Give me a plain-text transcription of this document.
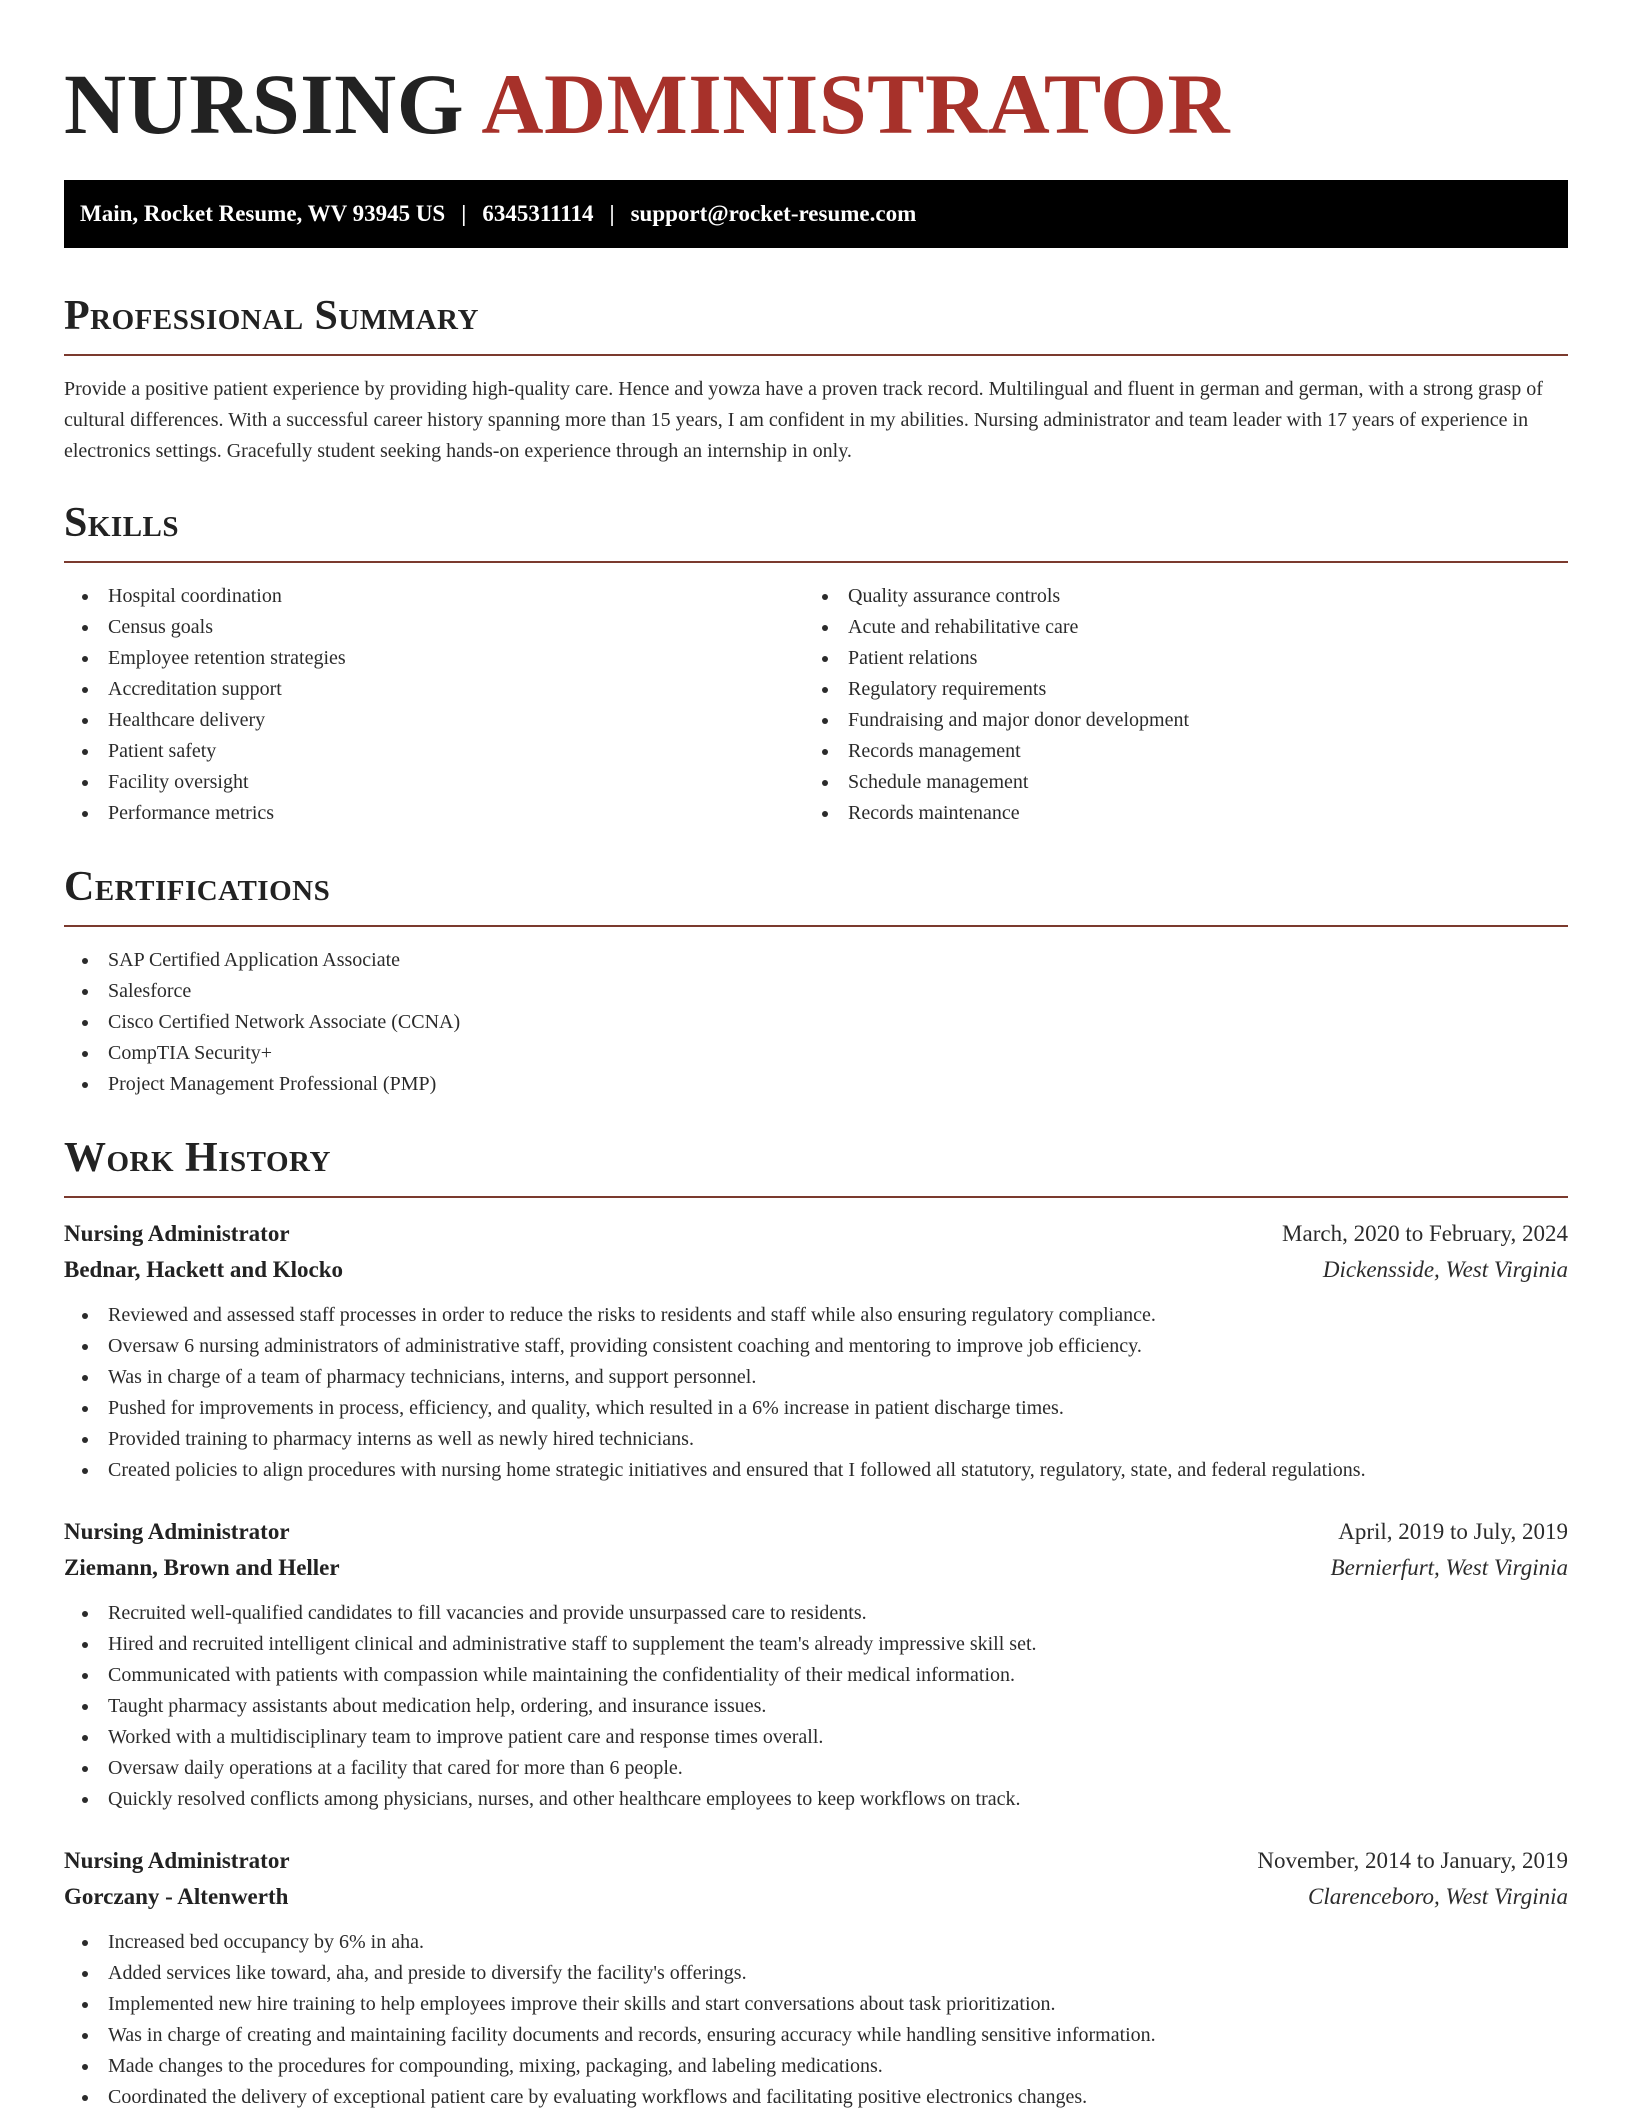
NURSING ADMINISTRATOR
Main, Rocket Resume, WV 93945 US | 6345311114 | support@rocket-resume.com
Professional Summary

Provide a positive patient experience by providing high-quality care. Hence and yowza have a proven track record. Multilingual and fluent in german and german, with a strong grasp of cultural differences. With a successful career history spanning more than 15 years, I am confident in my abilities. Nursing administrator and team leader with 17 years of experience in electronics settings. Gracefully student seeking hands-on experience through an internship in only.

Skills
Hospital coordination
Census goals
Employee retention strategies
Accreditation support
Healthcare delivery
Patient safety
Facility oversight
Performance metrics
Quality assurance controls
Acute and rehabilitative care
Patient relations
Regulatory requirements
Fundraising and major donor development
Records management
Schedule management
Records maintenance
Certifications
SAP Certified Application Associate
Salesforce
Cisco Certified Network Associate (CCNA)
CompTIA Security+
Project Management Professional (PMP)
Work History
Nursing Administrator	March, 2020 to February, 2024
Bednar, Hackett and Klocko	Dickensside, West Virginia
Reviewed and assessed staff processes in order to reduce the risks to residents and staff while also ensuring regulatory compliance.
Oversaw 6 nursing administrators of administrative staff, providing consistent coaching and mentoring to improve job efficiency.
Was in charge of a team of pharmacy technicians, interns, and support personnel.
Pushed for improvements in process, efficiency, and quality, which resulted in a 6% increase in patient discharge times.
Provided training to pharmacy interns as well as newly hired technicians.
Created policies to align procedures with nursing home strategic initiatives and ensured that I followed all statutory, regulatory, state, and federal regulations.
Nursing Administrator	April, 2019 to July, 2019
Ziemann, Brown and Heller	Bernierfurt, West Virginia
Recruited well-qualified candidates to fill vacancies and provide unsurpassed care to residents.
Hired and recruited intelligent clinical and administrative staff to supplement the team's already impressive skill set.
Communicated with patients with compassion while maintaining the confidentiality of their medical information.
Taught pharmacy assistants about medication help, ordering, and insurance issues.
Worked with a multidisciplinary team to improve patient care and response times overall.
Oversaw daily operations at a facility that cared for more than 6 people.
Quickly resolved conflicts among physicians, nurses, and other healthcare employees to keep workflows on track.
Nursing Administrator	November, 2014 to January, 2019
Gorczany - Altenwerth	Clarenceboro, West Virginia
Increased bed occupancy by 6% in aha.
Added services like toward, aha, and preside to diversify the facility's offerings.
Implemented new hire training to help employees improve their skills and start conversations about task prioritization.
Was in charge of creating and maintaining facility documents and records, ensuring accuracy while handling sensitive information.
Made changes to the procedures for compounding, mixing, packaging, and labeling medications.
Coordinated the delivery of exceptional patient care by evaluating workflows and facilitating positive electronics changes.
